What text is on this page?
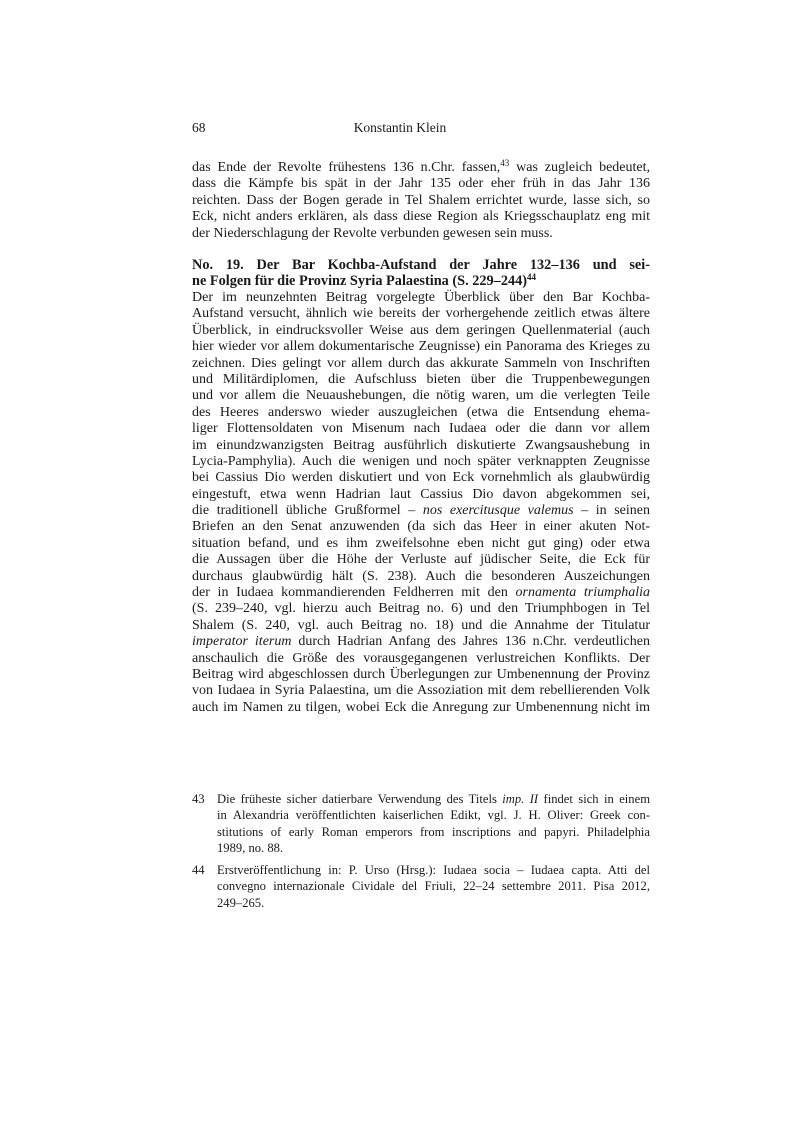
68	Konstantin Klein
das Ende der Revolte frühestens 136 n.Chr. fassen,$^{43}$ was zugleich bedeutet,
dass die Kämpfe bis spät in der Jahr 135 oder eher früh in das Jahr 136
reichten. Dass der Bogen gerade in Tel Shalem errichtet wurde, lasse sich, so
Eck, nicht anders erklären, als dass diese Region als Kriegsschauplatz eng mit
der Niederschlagung der Revolte verbunden gewesen sein muss.
No. 19. Der Bar Kochba-Aufstand der Jahre 132–136 und sei-
ne Folgen für die Provinz Syria Palaestina (S. 229–244)$^{44}$
Der im neunzehnten Beitrag vorgelegte Überblick über den Bar Kochba-
Aufstand versucht, ähnlich wie bereits der vorhergehende zeitlich etwas ältere
Überblick, in eindrucksvoller Weise aus dem geringen Quellenmaterial (auch
hier wieder vor allem dokumentarische Zeugnisse) ein Panorama des Krieges zu
zeichnen. Dies gelingt vor allem durch das akkurate Sammeln von Inschriften
und Militärdiplomen, die Aufschluss bieten über die Truppenbewegungen
und vor allem die Neuaushebungen, die nötig waren, um die verlegten Teile
des Heeres anderswo wieder auszugleichen (etwa die Entsendung ehema-
liger Flottensoldaten von Misenum nach Iudaea oder die dann vor allem
im einundzwanzigsten Beitrag ausführlich diskutierte Zwangsaushebung in
Lycia-Pamphylia). Auch die wenigen und noch später verknappten Zeugnisse
bei Cassius Dio werden diskutiert und von Eck vornehmlich als glaubwürdig
eingestuft, etwa wenn Hadrian laut Cassius Dio davon abgekommen sei,
die traditionell übliche Grußformel – nos exercitusque valemus – in seinen
Briefen an den Senat anzuwenden (da sich das Heer in einer akuten Not-
situation befand, und es ihm zweifelsohne eben nicht gut ging) oder etwa
die Aussagen über die Höhe der Verluste auf jüdischer Seite, die Eck für
durchaus glaubwürdig hält (S. 238). Auch die besonderen Auszeichungen
der in Iudaea kommandierenden Feldherren mit den ornamenta triumphalia
(S. 239–240, vgl. hierzu auch Beitrag no. 6) und den Triumphbogen in Tel
Shalem (S. 240, vgl. auch Beitrag no. 18) und die Annahme der Titulatur
imperator iterum durch Hadrian Anfang des Jahres 136 n.Chr. verdeutlichen
anschaulich die Größe des vorausgegangenen verlustreichen Konflikts. Der
Beitrag wird abgeschlossen durch Überlegungen zur Umbenennung der Provinz
von Iudaea in Syria Palaestina, um die Assoziation mit dem rebellierenden Volk
auch im Namen zu tilgen, wobei Eck die Anregung zur Umbenennung nicht im
43 Die früheste sicher datierbare Verwendung des Titels imp. II findet sich in einem
in Alexandria veröffentlichten kaiserlichen Edikt, vgl. J. H. Oliver: Greek con-
stitutions of early Roman emperors from inscriptions and papyri. Philadelphia
1989, no. 88.
44 Erstveröffentlichung in: P. Urso (Hrsg.): Iudaea socia – Iudaea capta. Atti del
convegno internazionale Cividale del Friuli, 22–24 settembre 2011. Pisa 2012,
249–265.
